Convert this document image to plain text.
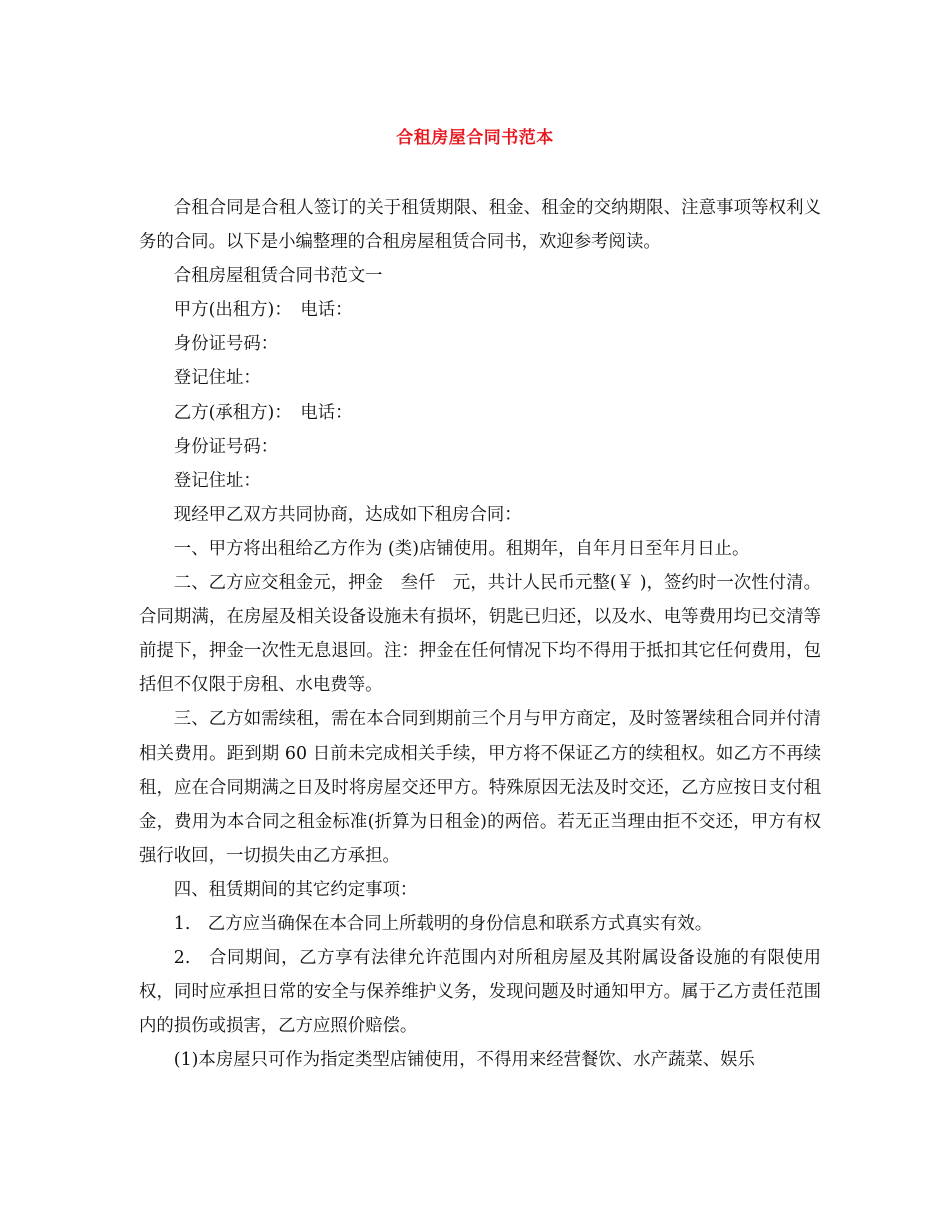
合租房屋合同书范本

合租合同是合租人签订的关于租赁期限、租金、租金的交纳期限、注意事项等权利义务的合同。以下是小编整理的合租房屋租赁合同书，欢迎参考阅读。

合租房屋租赁合同书范文一

甲方(出租方)：　电话：

身份证号码：

登记住址：

乙方(承租方)：　电话：

身份证号码：

登记住址：

现经甲乙双方共同协商，达成如下租房合同：

一、甲方将出租给乙方作为 (类)店铺使用。租期年，自年月日至年月日止。

二、乙方应交租金元，押金　叁仟　元，共计人民币元整(￥ )，签约时一次性付清。合同期满，在房屋及相关设备设施未有损坏，钥匙已归还，以及水、电等费用均已交清等前提下，押金一次性无息退回。注：押金在任何情况下均不得用于抵扣其它任何费用，包括但不仅限于房租、水电费等。

三、乙方如需续租，需在本合同到期前三个月与甲方商定，及时签署续租合同并付清相关费用。距到期 60 日前未完成相关手续，甲方将不保证乙方的续租权。如乙方不再续租，应在合同期满之日及时将房屋交还甲方。特殊原因无法及时交还，乙方应按日支付租金，费用为本合同之租金标准(折算为日租金)的两倍。若无正当理由拒不交还，甲方有权强行收回，一切损失由乙方承担。

四、租赁期间的其它约定事项：

1.　乙方应当确保在本合同上所载明的身份信息和联系方式真实有效。

2.　合同期间，乙方享有法律允许范围内对所租房屋及其附属设备设施的有限使用权，同时应承担日常的安全与保养维护义务，发现问题及时通知甲方。属于乙方责任范围内的损伤或损害，乙方应照价赔偿。

(1)本房屋只可作为指定类型店铺使用，不得用来经营餐饮、水产蔬菜、娱乐
